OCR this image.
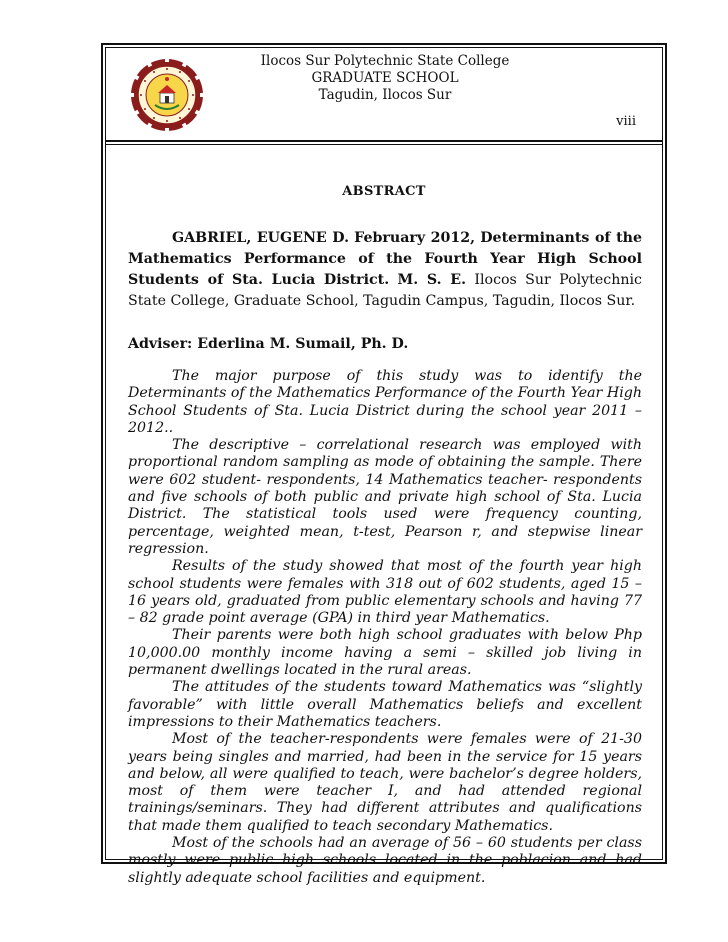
Ilocos Sur Polytechnic State College
GRADUATE SCHOOL
Tagudin, Ilocos Sur
viii
ABSTRACT
GABRIEL, EUGENE D. February 2012, Determinants of the Mathematics Performance of the Fourth Year High School Students of Sta. Lucia District. M. S. E. Ilocos Sur Polytechnic State College, Graduate School, Tagudin Campus, Tagudin, Ilocos Sur.
Adviser: Ederlina M. Sumail, Ph. D.

The major purpose of this study was to identify the Determinants of the Mathematics Performance of the Fourth Year High School Students of Sta. Lucia District during the school year 2011 – 2012..

The descriptive – correlational research was employed with proportional random sampling as mode of obtaining the sample. There were 602 student- respondents, 14 Mathematics teacher- respondents and five schools of both public and private high school of Sta. Lucia District. The statistical tools used were frequency counting, percentage, weighted mean, t-test, Pearson r, and stepwise linear regression.

Results of the study showed that most of the fourth year high school students were females with 318 out of 602 students, aged 15 – 16 years old, graduated from public elementary schools and having 77 – 82 grade point average (GPA) in third year Mathematics.

Their parents were both high school graduates with below Php 10,000.00 monthly income having a semi – skilled job living in permanent dwellings located in the rural areas.

The attitudes of the students toward Mathematics was “slightly favorable” with little overall Mathematics beliefs and excellent impressions to their Mathematics teachers.

Most of the teacher-respondents were females were of 21-30 years being singles and married, had been in the service for 15 years and below, all were qualified to teach, were bachelor’s degree holders, most of them were teacher I, and had attended regional trainings/seminars. They had different attributes and qualifications that made them qualified to teach secondary Mathematics.

Most of the schools had an average of 56 – 60 students per class mostly were public high schools located in the poblacion and had slightly adequate school facilities and equipment.
